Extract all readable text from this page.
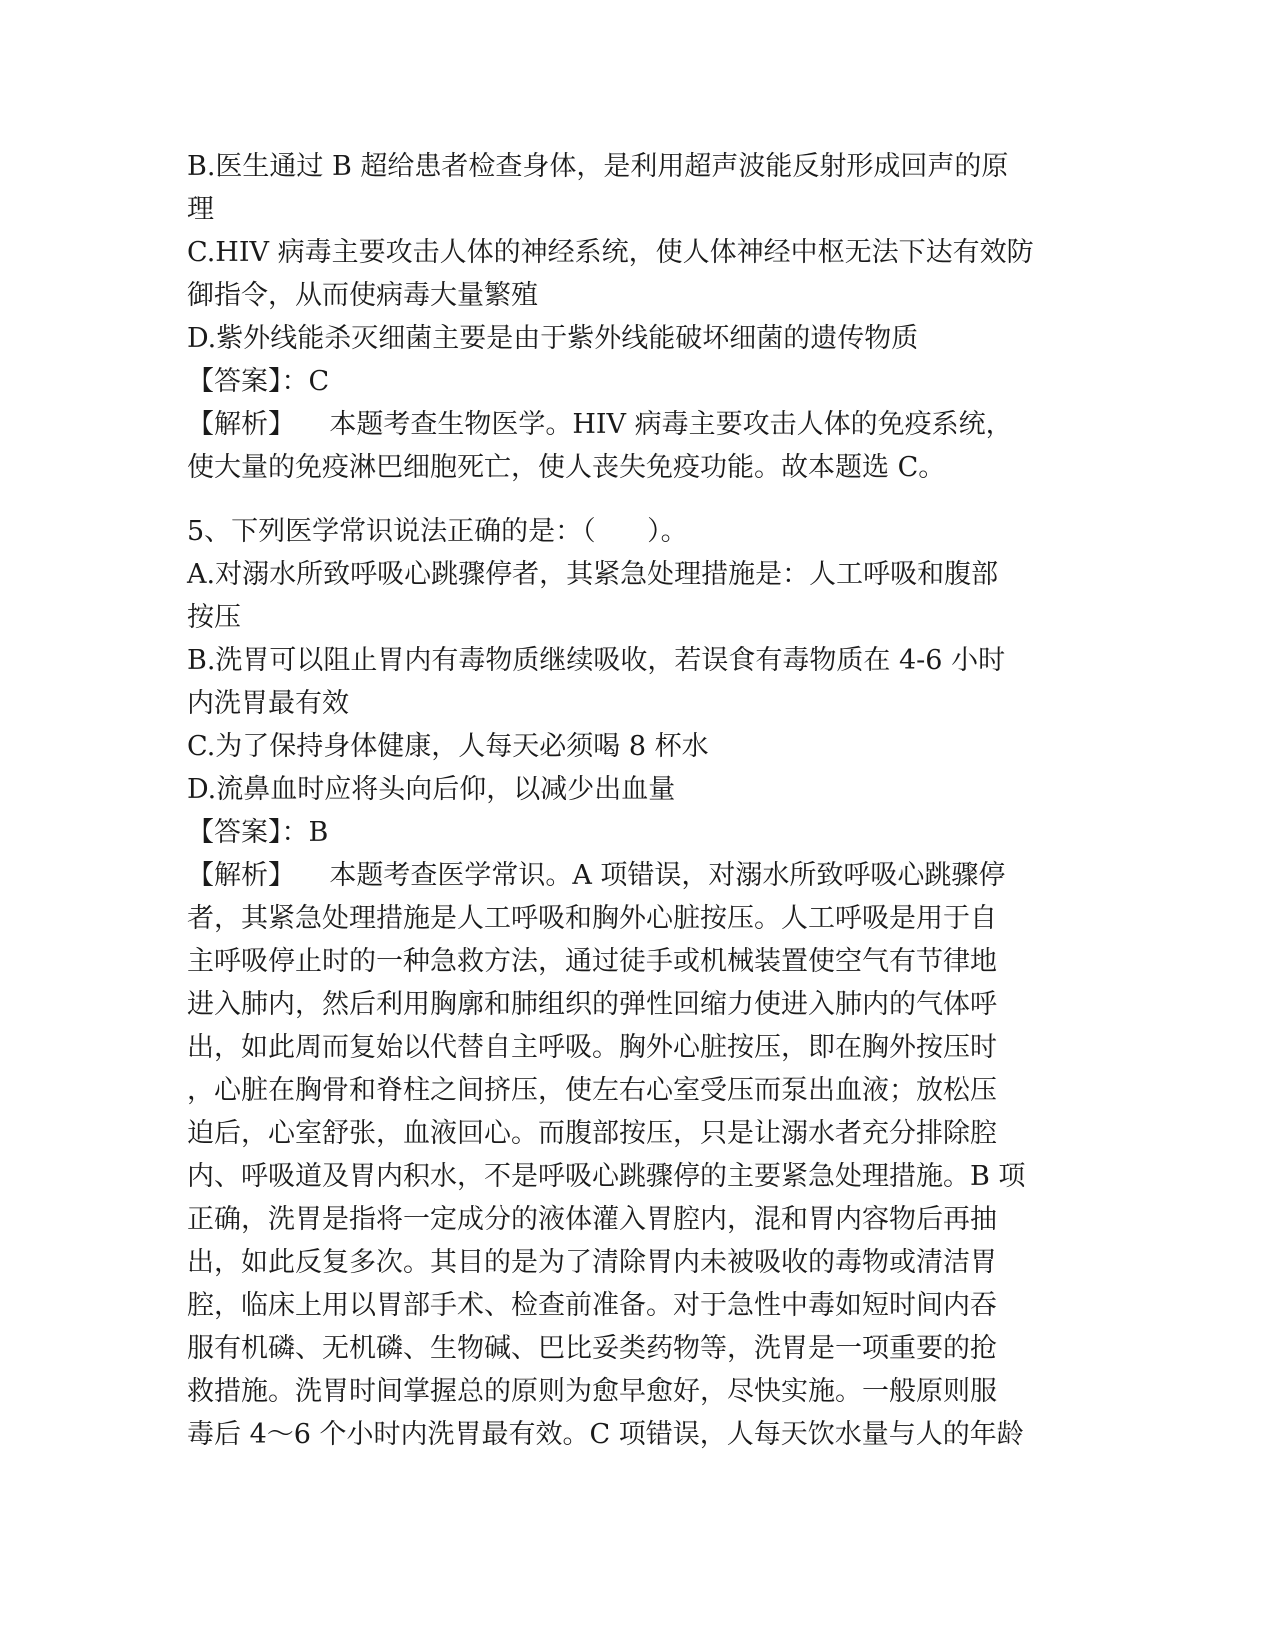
B.医生通过 B 超给患者检查身体，是利用超声波能反射形成回声的原
理
C.HIV 病毒主要攻击人体的神经系统，使人体神经中枢无法下达有效防
御指令，从而使病毒大量繁殖
D.紫外线能杀灭细菌主要是由于紫外线能破坏细菌的遗传物质
【答案】：C
【解析】    本题考查生物医学。HIV 病毒主要攻击人体的免疫系统，
使大量的免疫淋巴细胞死亡，使人丧失免疫功能。故本题选 C。
5、下列医学常识说法正确的是：（      ）。
A.对溺水所致呼吸心跳骤停者，其紧急处理措施是：人工呼吸和腹部
按压
B.洗胃可以阻止胃内有毒物质继续吸收，若误食有毒物质在 4-6 小时
内洗胃最有效
C.为了保持身体健康，人每天必须喝 8 杯水
D.流鼻血时应将头向后仰，以减少出血量
【答案】：B
【解析】    本题考查医学常识。A 项错误，对溺水所致呼吸心跳骤停
者，其紧急处理措施是人工呼吸和胸外心脏按压。人工呼吸是用于自
主呼吸停止时的一种急救方法，通过徒手或机械装置使空气有节律地
进入肺内，然后利用胸廓和肺组织的弹性回缩力使进入肺内的气体呼
出，如此周而复始以代替自主呼吸。胸外心脏按压，即在胸外按压时
，心脏在胸骨和脊柱之间挤压，使左右心室受压而泵出血液；放松压
迫后，心室舒张，血液回心。而腹部按压，只是让溺水者充分排除腔
内、呼吸道及胃内积水，不是呼吸心跳骤停的主要紧急处理措施。B 项
正确，洗胃是指将一定成分的液体灌入胃腔内，混和胃内容物后再抽
出，如此反复多次。其目的是为了清除胃内未被吸收的毒物或清洁胃
腔，临床上用以胃部手术、检查前准备。对于急性中毒如短时间内吞
服有机磷、无机磷、生物碱、巴比妥类药物等，洗胃是一项重要的抢
救措施。洗胃时间掌握总的原则为愈早愈好，尽快实施。一般原则服
毒后 4～6 个小时内洗胃最有效。C 项错误，人每天饮水量与人的年龄
